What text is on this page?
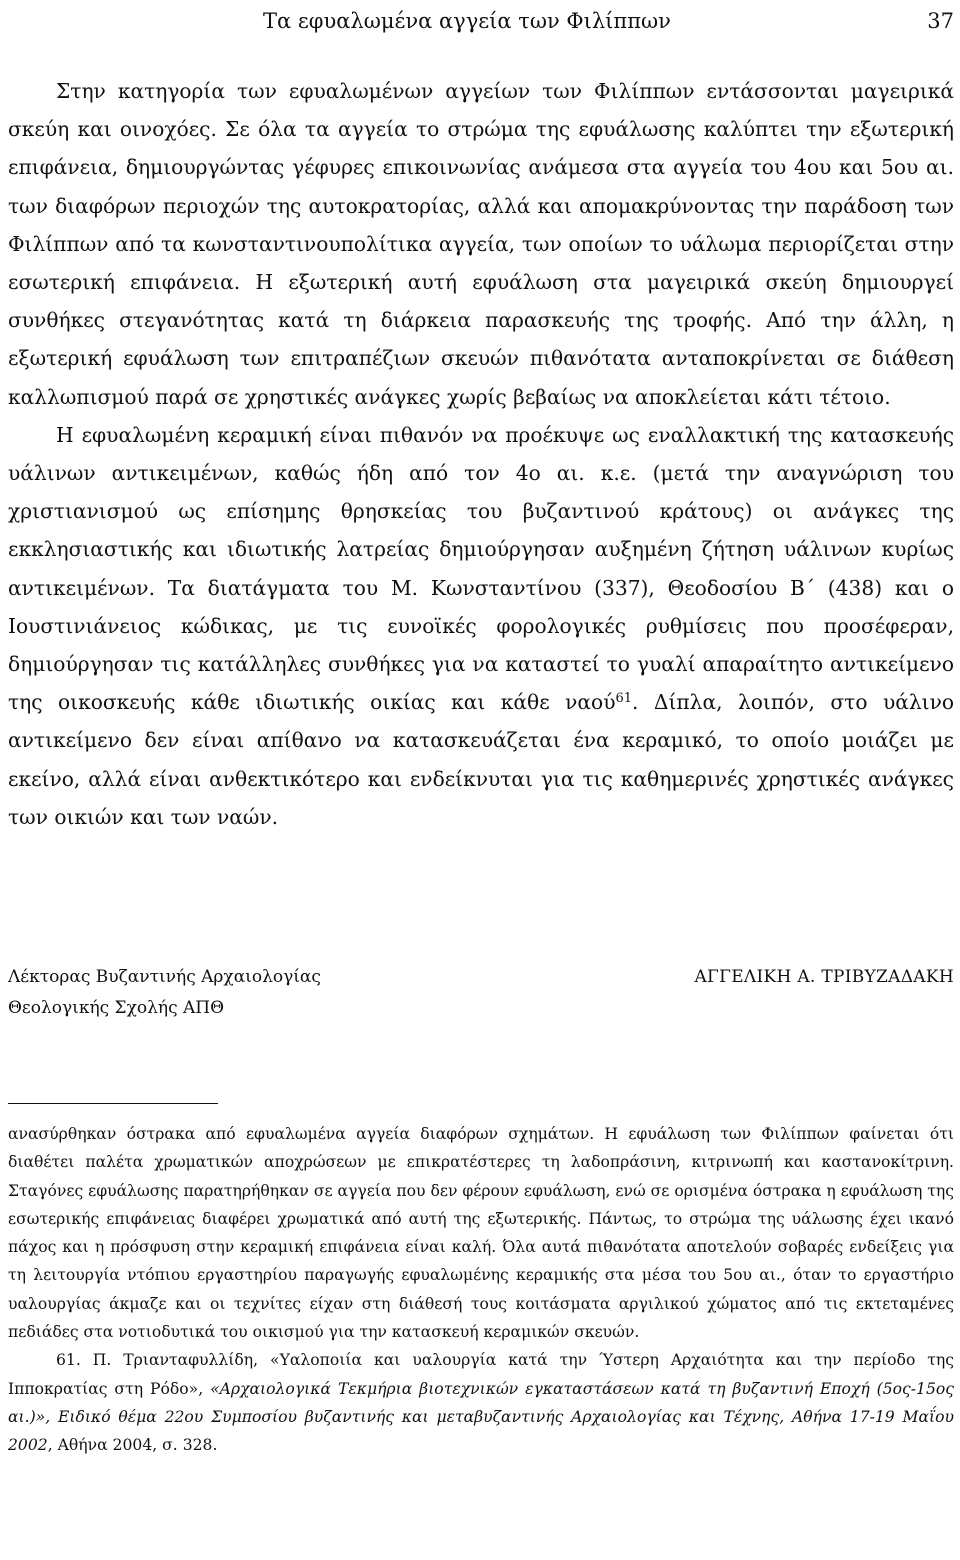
Τα εφυαλωμένα αγγεία των Φιλίππων	37

Στην κατηγορία των εφυαλωμένων αγγείων των Φιλίππων εντάσσονται μαγειρικά σκεύη και οινοχόες. Σε όλα τα αγγεία το στρώμα της εφυάλωσης καλύπτει την εξωτερική επιφάνεια, δημιουργώντας γέφυρες επικοινωνίας ανάμεσα στα αγγεία του 4ου και 5ου αι. των διαφόρων περιοχών της αυτοκρατορίας, αλλά και απομακρύνοντας την παράδοση των Φιλίππων από τα κωνσταντινουπολίτικα αγγεία, των οποίων το υάλωμα περιορίζεται στην εσωτερική επιφάνεια. Η εξωτερική αυτή εφυάλωση στα μαγειρικά σκεύη δημιουργεί συνθήκες στεγανότητας κατά τη διάρκεια παρασκευής της τροφής. Από την άλλη, η εξωτερική εφυάλωση των επιτραπέζιων σκευών πιθανότατα ανταποκρίνεται σε διάθεση καλλωπισμού παρά σε χρηστικές ανάγκες χωρίς βεβαίως να αποκλείεται κάτι τέτοιο.

Η εφυαλωμένη κεραμική είναι πιθανόν να προέκυψε ως εναλλακτική της κατασκευής υάλινων αντικειμένων, καθώς ήδη από τον 4ο αι. κ.ε. (μετά την αναγνώριση του χριστιανισμού ως επίσημης θρησκείας του βυζαντινού κράτους) οι ανάγκες της εκκλησιαστικής και ιδιωτικής λατρείας δημιούργησαν αυξημένη ζήτηση υάλινων κυρίως αντικειμένων. Τα διατάγματα του Μ. Κωνσταντίνου (337), Θεοδοσίου Β΄ (438) και ο Ιουστινιάνειος κώδικας, με τις ευνοϊκές φορολογικές ρυθμίσεις που προσέφεραν, δημιούργησαν τις κατάλληλες συνθήκες για να καταστεί το γυαλί απαραίτητο αντικείμενο της οικοσκευής κάθε ιδιωτικής οικίας και κάθε ναού$^{61}$. Δίπλα, λοιπόν, στο υάλινο αντικείμενο δεν είναι απίθανο να κατασκευάζεται ένα κεραμικό, το οποίο μοιάζει με εκείνο, αλλά είναι ανθεκτικότερο και ενδείκνυται για τις καθημερινές χρηστικές ανάγκες των οικιών και των ναών.

Λέκτορας Βυζαντινής Αρχαιολογίας
Θεολογικής Σχολής ΑΠΘ
ΑΓΓΕΛΙΚΗ Α. ΤΡΙΒΥΖΑΔΑΚΗ

ανασύρθηκαν όστρακα από εφυαλωμένα αγγεία διαφόρων σχημάτων. Η εφυάλωση των Φιλίππων φαίνεται ότι διαθέτει παλέτα χρωματικών αποχρώσεων με επικρατέστερες τη λαδοπράσινη, κιτρινωπή και καστανοκίτρινη. Σταγόνες εφυάλωσης παρατηρήθηκαν σε αγγεία που δεν φέρουν εφυάλωση, ενώ σε ορισμένα όστρακα η εφυάλωση της εσωτερικής επιφάνειας διαφέρει χρωματικά από αυτή της εξωτερικής. Πάντως, το στρώμα της υάλωσης έχει ικανό πάχος και η πρόσφυση στην κεραμική επιφάνεια είναι καλή. Όλα αυτά πιθανότατα αποτελούν σοβαρές ενδείξεις για τη λειτουργία ντόπιου εργαστηρίου παραγωγής εφυαλωμένης κεραμικής στα μέσα του 5ου αι., όταν το εργαστήριο υαλουργίας άκμαζε και οι τεχνίτες είχαν στη διάθεσή τους κοιτάσματα αργιλικού χώματος από τις εκτεταμένες πεδιάδες στα νοτιοδυτικά του οικισμού για την κατασκευή κεραμικών σκευών.

61. Π. Τριανταφυλλίδη, «Υαλοποιία και υαλουργία κατά την Ύστερη Αρχαιότητα και την περίοδο της Ιπποκρατίας στη Ρόδο», «Αρχαιολογικά Τεκμήρια βιοτεχνικών εγκαταστάσεων κατά τη βυζαντινή Εποχή (5ος-15ος αι.)», Ειδικό θέμα 22ου Συμποσίου βυζαντινής και μεταβυζαντινής Αρχαιολογίας και Τέχνης, Αθήνα 17-19 Μαΐου 2002, Αθήνα 2004, σ. 328.
